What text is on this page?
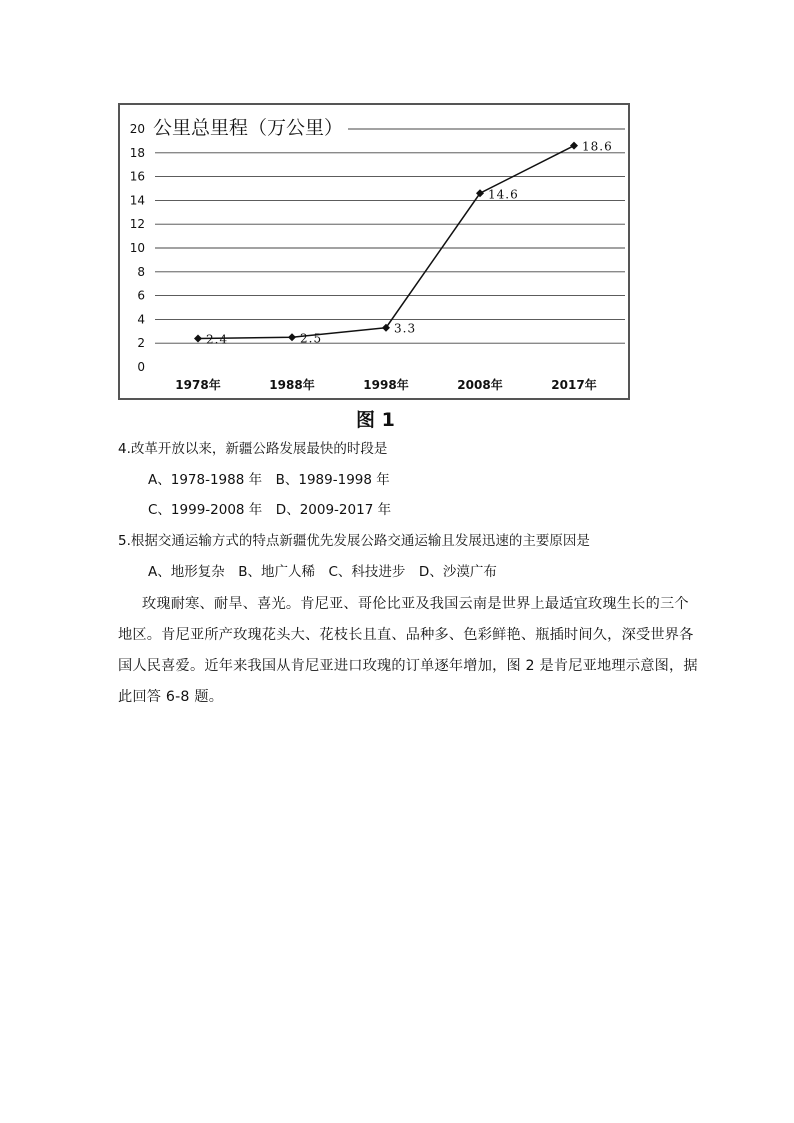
0
2
4
6
8
10
12
14
16
18
20 公里总里程（万公里）
1978年	1988年	1998年	2008年	2017年
2.4	2.5
3.3
14.6
18.6
图 1
4.改革开放以来，新疆公路发展最快的时段是
A、1978-1988 年　B、1989-1998 年
C、1999-2008 年　D、2009-2017 年
5.根据交通运输方式的特点新疆优先发展公路交通运输且发展迅速的主要原因是
A、地形复杂　B、地广人稀　C、科技进步　D、沙漠广布
玫瑰耐寒、耐旱、喜光。肯尼亚、哥伦比亚及我国云南是世界上最适宜玫瑰生长的三个
地区。肯尼亚所产玫瑰花头大、花枝长且直、品种多、色彩鲜艳、瓶插时间久，深受世界各
国人民喜爱。近年来我国从肯尼亚进口玫瑰的订单逐年增加，图 2 是肯尼亚地理示意图，据
此回答 6-8 题。
